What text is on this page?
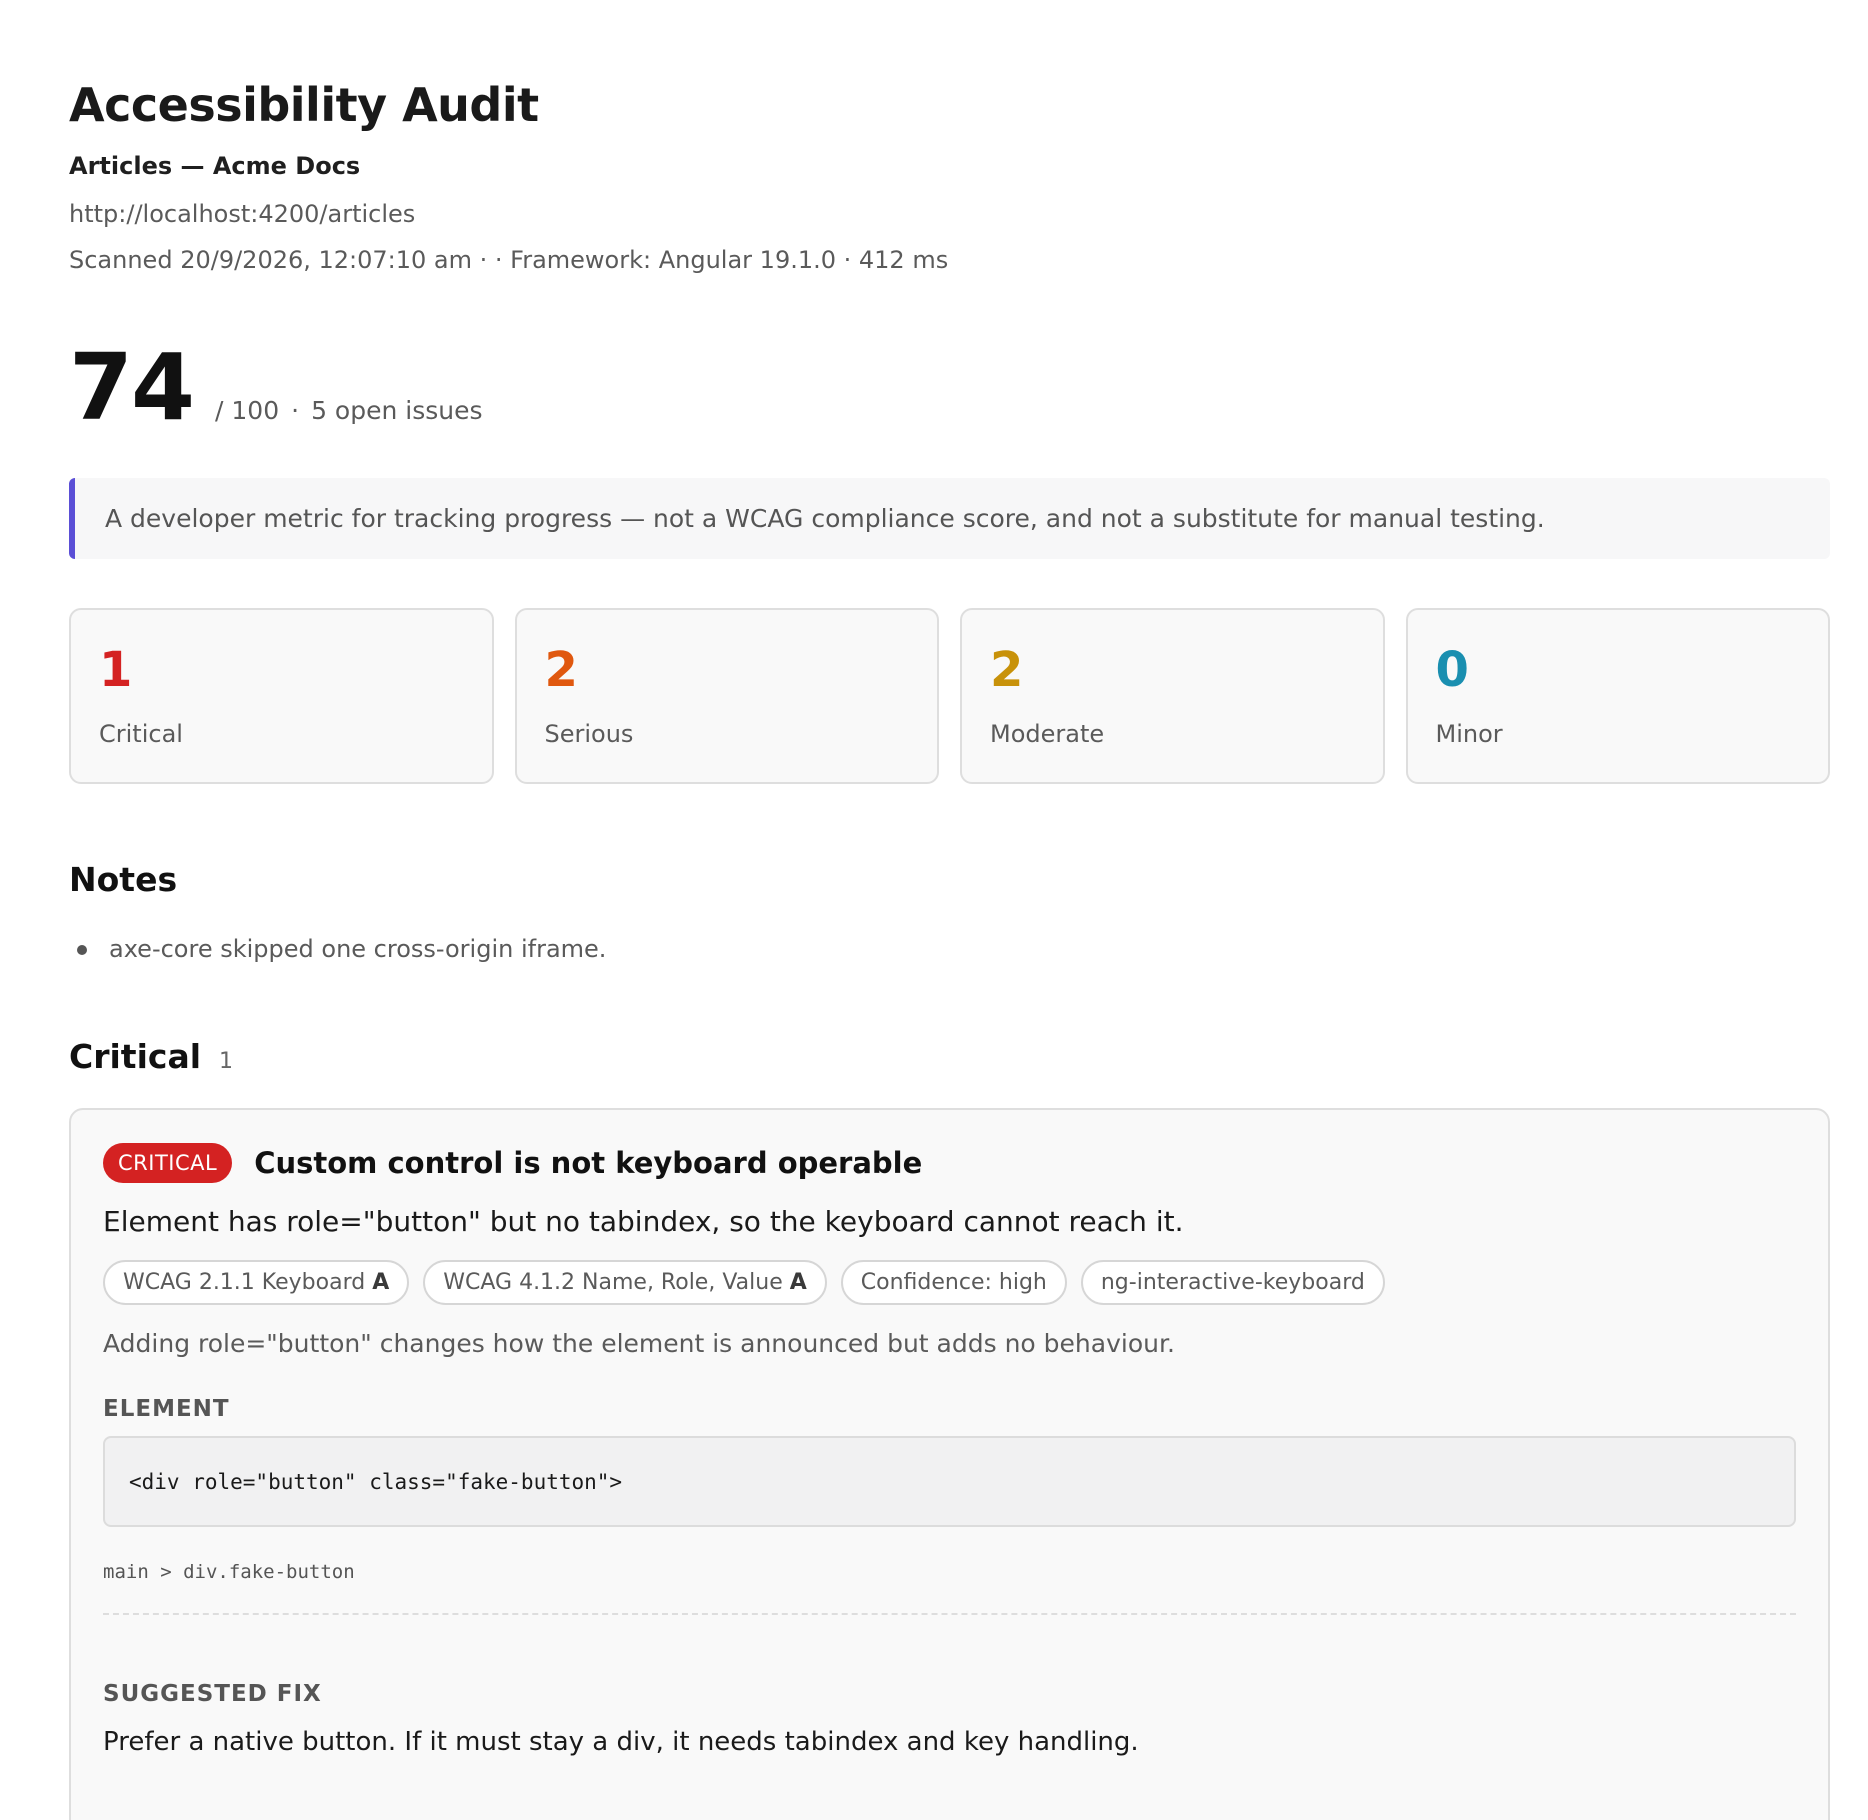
Accessibility Audit
Articles — Acme Docs
http://localhost:4200/articles
Scanned 20/9/2026, 12:07:10 am · · Framework: Angular 19.1.0 · 412 ms
74 / 100 · 5 open issues
A developer metric for tracking progress — not a WCAG compliance score, and not a substitute for manual testing.
1
Critical
2
Serious
2
Moderate
0
Minor
Notes
axe-core skipped one cross-origin iframe.
Critical 1
CRITICAL	Custom control is not keyboard operable
Element has role="button" but no tabindex, so the keyboard cannot reach it.
WCAG 2.1.1 Keyboard A	WCAG 4.1.2 Name, Role, Value A	Confidence: high	ng-interactive-keyboard
Adding role="button" changes how the element is announced but adds no behaviour.
ELEMENT
<div role="button" class="fake-button">
main > div.fake-button
SUGGESTED FIX
Prefer a native button. If it must stay a div, it needs tabindex and key handling.
